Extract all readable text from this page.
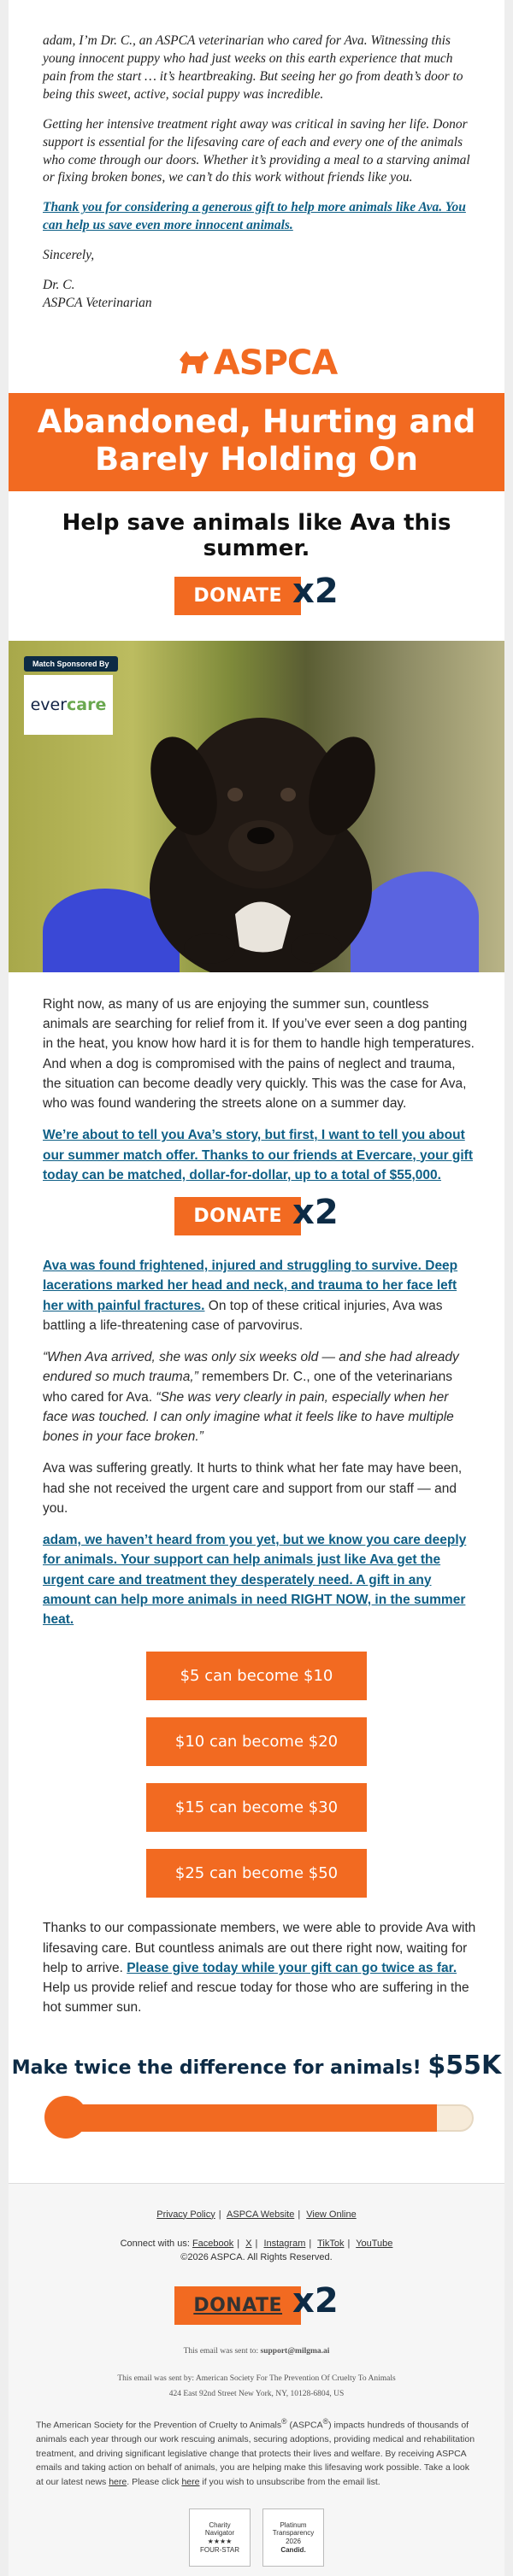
adam, I’m Dr. C., an ASPCA veterinarian who cared for Ava. Witnessing this young innocent puppy who had just weeks on this earth experience that much pain from the start … it’s heartbreaking. But seeing her go from death’s door to being this sweet, active, social puppy was incredible.

Getting her intensive treatment right away was critical in saving her life. Donor support is essential for the lifesaving care of each and every one of the animals who come through our doors. Whether it’s providing a meal to a starving animal or fixing broken bones, we can’t do this work without friends like you.

Thank you for considering a generous gift to help more animals like Ava. You can help us save even more innocent animals.

Sincerely,

Dr. C.

ASPCA Veterinarian

ASPCA
Abandoned, Hurting and Barely Holding On
Help save animals like Ava this summer.
DONATE x2
Match Sponsored By
evercare

Right now, as many of us are enjoying the summer sun, countless animals are searching for relief from it. If you’ve ever seen a dog panting in the heat, you know how hard it is for them to handle high temperatures. And when a dog is compromised with the pains of neglect and trauma, the situation can become deadly very quickly. This was the case for Ava, who was found wandering the streets alone on a summer day.

We’re about to tell you Ava’s story, but first, I want to tell you about our summer match offer. Thanks to our friends at Evercare, your gift today can be matched, dollar-for-dollar, up to a total of $55,000.

DONATE x2

Ava was found frightened, injured and struggling to survive. Deep lacerations marked her head and neck, and trauma to her face left her with painful fractures. On top of these critical injuries, Ava was battling a life-threatening case of parvovirus.

“When Ava arrived, she was only six weeks old — and she had already endured so much trauma,” remembers Dr. C., one of the veterinarians who cared for Ava. “She was very clearly in pain, especially when her face was touched. I can only imagine what it feels like to have multiple bones in your face broken.”

Ava was suffering greatly. It hurts to think what her fate may have been, had she not received the urgent care and support from our staff — and you.

adam, we haven’t heard from you yet, but we know you care deeply for animals. Your support can help animals just like Ava get the urgent care and treatment they desperately need. A gift in any amount can help more animals in need RIGHT NOW, in the summer heat.

$5 can become $10
$10 can become $20
$15 can become $30
$25 can become $50

Thanks to our compassionate members, we were able to provide Ava with lifesaving care. But countless animals are out there right now, waiting for help to arrive. Please give today while your gift can go twice as far. Help us provide relief and rescue today for those who are suffering in the hot summer sun.

Make twice the difference for animals! $55K
Privacy Policy | ASPCA Website | View Online
Connect with us: Facebook | X | Instagram | TikTok | YouTube
©2026 ASPCA. All Rights Reserved.
DONATE x2
This email was sent to: support@milgma.ai
This email was sent by: American Society For The Prevention Of Cruelty To Animals
424 East 92nd Street New York, NY, 10128-6804, US
The American Society for the Prevention of Cruelty to Animals® (ASPCA®) impacts hundreds of thousands of animals each year through our work rescuing animals, securing adoptions, providing medical and rehabilitation treatment, and driving significant legislative change that protects their lives and welfare. By receiving ASPCA emails and taking action on behalf of animals, you are helping make this lifesaving work possible. Take a look at our latest news here. Please click here if you wish to unsubscribe from the email list.
Charity
Navigator
★★★★
FOUR-STAR
Platinum
Transparency
2026
Candid.
